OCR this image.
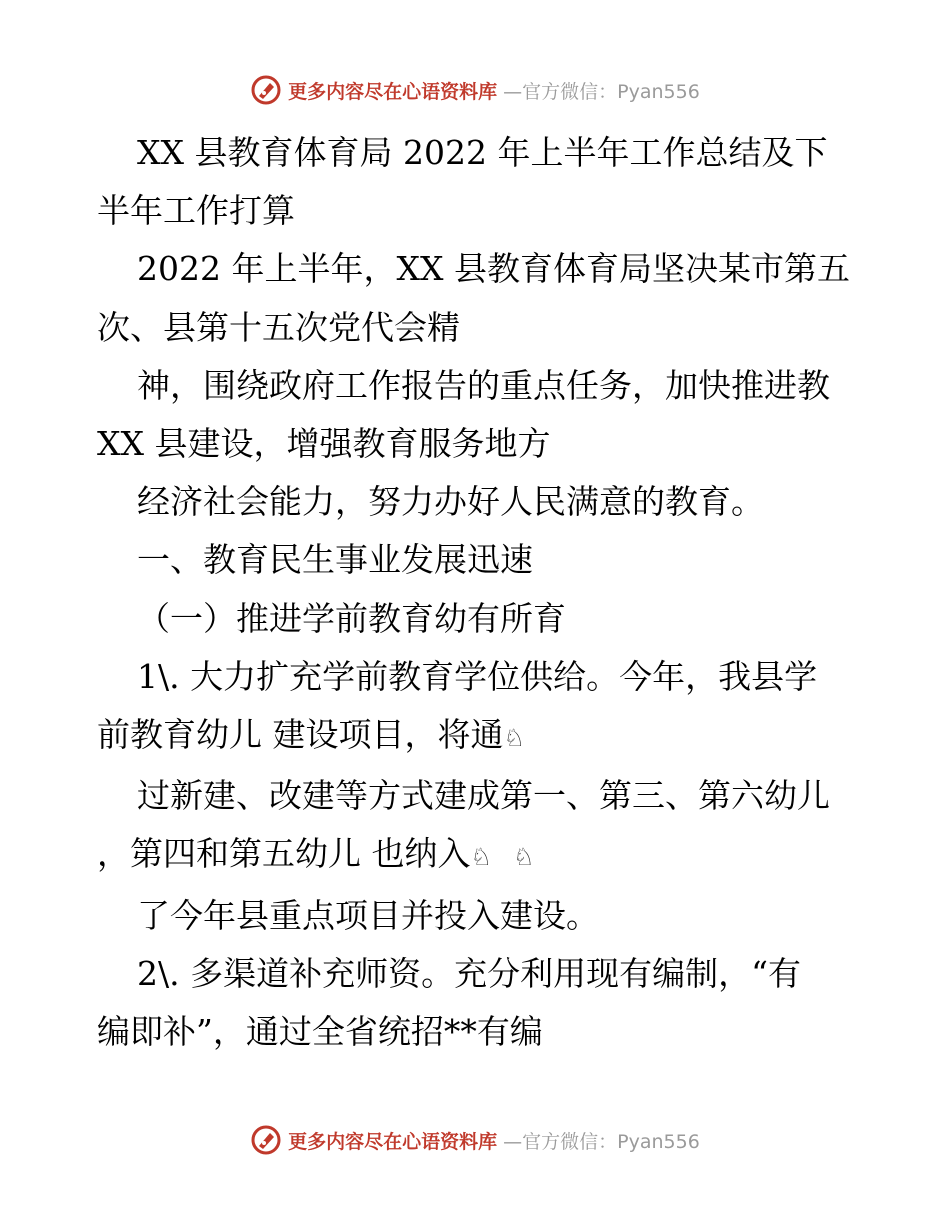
更多内容尽在心语资料库 —官方微信：Pyan556

XX 县教育体育局 2022 年上半年工作总结及下

半年工作打算

2022 年上半年，XX 县教育体育局坚决某市第五

次、县第十五次党代会精

神，围绕政府工作报告的重点任务，加快推进教

XX 县建设，增强教育服务地方

经济社会能力，努力办好人民满意的教育。

一、教育民生事业发展迅速

（一）推进学前教育幼有所育

1\. 大力扩充学前教育学位供给。今年，我县学

前教育幼儿 建设项目，将通♘

过新建、改建等方式建成第一、第三、第六幼儿

，第四和第五幼儿 也纳入♘ ♘

了今年县重点项目并投入建设。

2\. 多渠道补充师资。充分利用现有编制，“有

编即补”，通过全省统招**有编

更多内容尽在心语资料库 —官方微信：Pyan556
